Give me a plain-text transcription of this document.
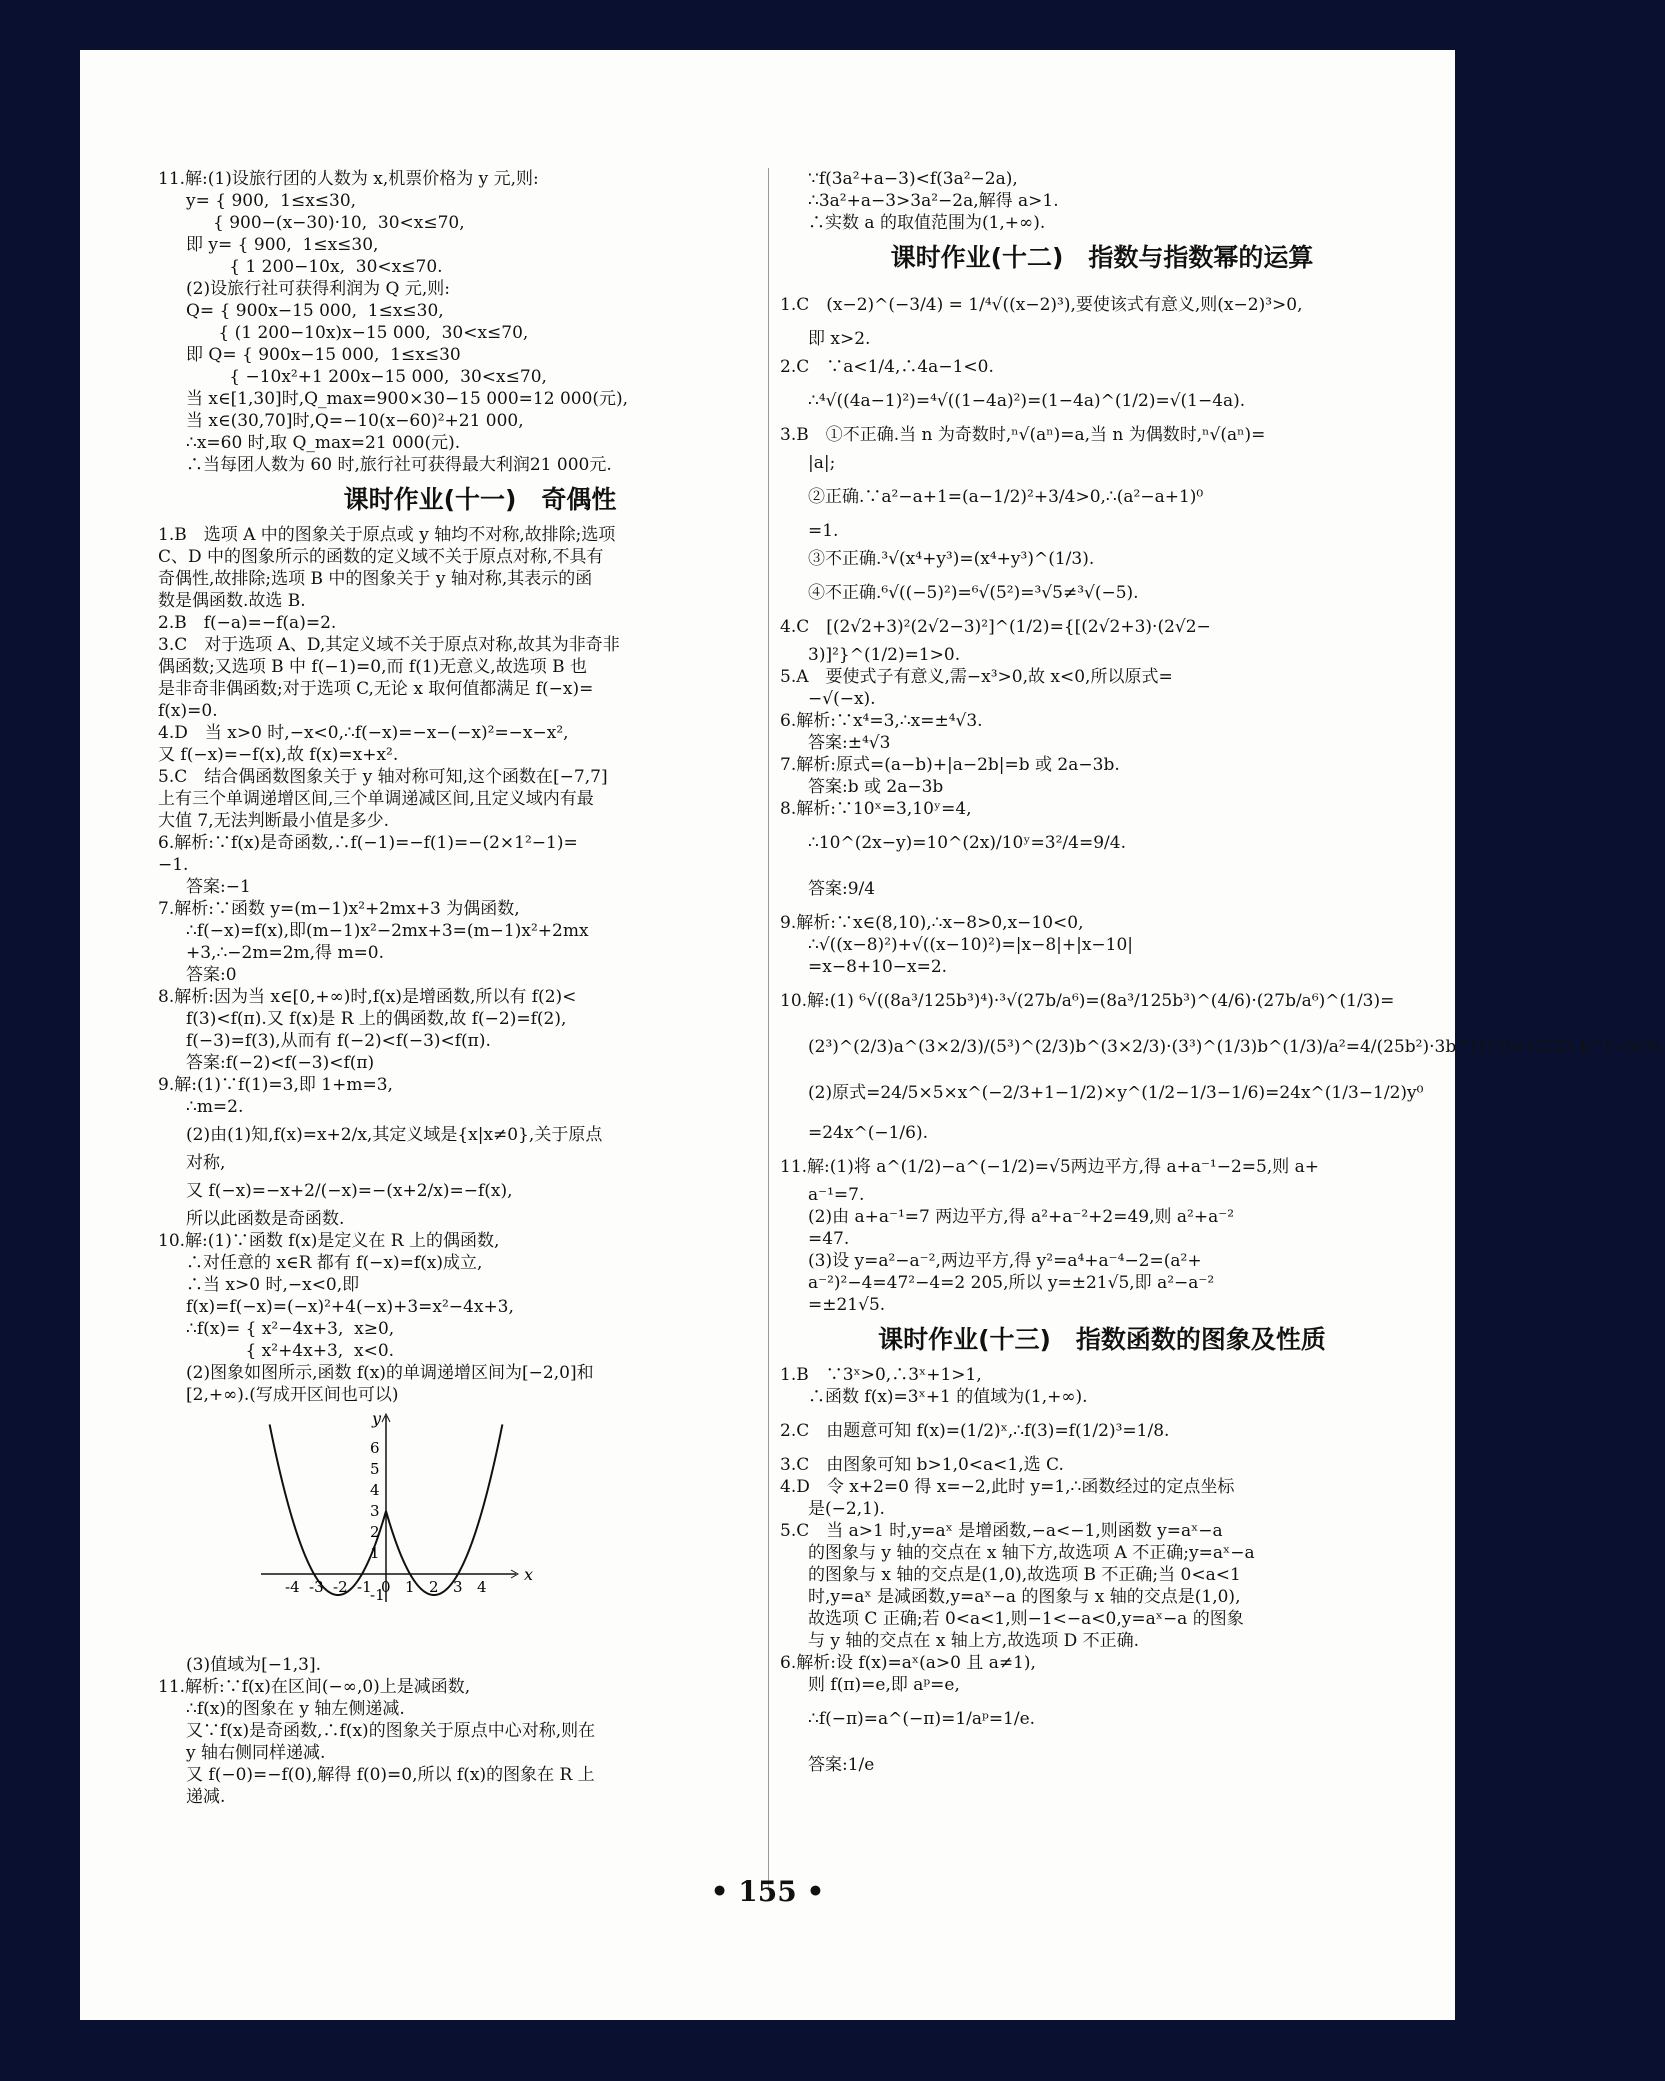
11.解:(1)设旅行团的人数为 x,机票价格为 y 元,则:
y= { 900,  1≤x≤30,
{ 900−(x−30)·10,  30<x≤70,
即 y= { 900,  1≤x≤30,
{ 1 200−10x,  30<x≤70.
(2)设旅行社可获得利润为 Q 元,则:
Q= { 900x−15 000,  1≤x≤30,
{ (1 200−10x)x−15 000,  30<x≤70,
即 Q= { 900x−15 000,  1≤x≤30
{ −10x²+1 200x−15 000,  30<x≤70,
当 x∈[1,30]时,Q_max=900×30−15 000=12 000(元),
当 x∈(30,70]时,Q=−10(x−60)²+21 000,
∴x=60 时,取 Q_max=21 000(元).
∴当每团人数为 60 时,旅行社可获得最大利润21 000元.
课时作业(十一)　奇偶性
1.B　选项 A 中的图象关于原点或 y 轴均不对称,故排除;选项
C、D 中的图象所示的函数的定义域不关于原点对称,不具有
奇偶性,故排除;选项 B 中的图象关于 y 轴对称,其表示的函
数是偶函数.故选 B.
2.B　f(−a)=−f(a)=2.
3.C　对于选项 A、D,其定义域不关于原点对称,故其为非奇非
偶函数;又选项 B 中 f(−1)=0,而 f(1)无意义,故选项 B 也
是非奇非偶函数;对于选项 C,无论 x 取何值都满足 f(−x)=
f(x)=0.
4.D　当 x>0 时,−x<0,∴f(−x)=−x−(−x)²=−x−x²,
又 f(−x)=−f(x),故 f(x)=x+x².
5.C　结合偶函数图象关于 y 轴对称可知,这个函数在[−7,7]
上有三个单调递增区间,三个单调递减区间,且定义域内有最
大值 7,无法判断最小值是多少.
6.解析:∵f(x)是奇函数,∴f(−1)=−f(1)=−(2×1²−1)=
−1.
答案:−1
7.解析:∵函数 y=(m−1)x²+2mx+3 为偶函数,
∴f(−x)=f(x),即(m−1)x²−2mx+3=(m−1)x²+2mx
+3,∴−2m=2m,得 m=0.
答案:0
8.解析:因为当 x∈[0,+∞)时,f(x)是增函数,所以有 f(2)<
f(3)<f(π).又 f(x)是 R 上的偶函数,故 f(−2)=f(2),
f(−3)=f(3),从而有 f(−2)<f(−3)<f(π).
答案:f(−2)<f(−3)<f(π)
9.解:(1)∵f(1)=3,即 1+m=3,
∴m=2.
(2)由(1)知,f(x)=x+2/x,其定义域是{x|x≠0},关于原点
对称,
又 f(−x)=−x+2/(−x)=−(x+2/x)=−f(x),
所以此函数是奇函数.
10.解:(1)∵函数 f(x)是定义在 R 上的偶函数,
∴对任意的 x∈R 都有 f(−x)=f(x)成立,
∴当 x>0 时,−x<0,即
f(x)=f(−x)=(−x)²+4(−x)+3=x²−4x+3,
∴f(x)= { x²−4x+3,  x≥0,
{ x²+4x+3,  x<0.
(2)图象如图所示,函数 f(x)的单调递增区间为[−2,0]和
[2,+∞).(写成开区间也可以)
-4 -3 -2 -1 0 1 2 3 4
-1
1
2
3
4
5
6
x
y
(3)值域为[−1,3].
11.解析:∵f(x)在区间(−∞,0)上是减函数,
∴f(x)的图象在 y 轴左侧递减.
又∵f(x)是奇函数,∴f(x)的图象关于原点中心对称,则在
y 轴右侧同样递减.
又 f(−0)=−f(0),解得 f(0)=0,所以 f(x)的图象在 R 上
递减.
∵f(3a²+a−3)<f(3a²−2a),
∴3a²+a−3>3a²−2a,解得 a>1.
∴实数 a 的取值范围为(1,+∞).
课时作业(十二)　指数与指数幂的运算
1.C　(x−2)^(−3/4) = 1/⁴√((x−2)³),要使该式有意义,则(x−2)³>0,
即 x>2.
2.C　∵a<1/4,∴4a−1<0.
∴⁴√((4a−1)²)=⁴√((1−4a)²)=(1−4a)^(1/2)=√(1−4a).
3.B　①不正确.当 n 为奇数时,ⁿ√(aⁿ)=a,当 n 为偶数时,ⁿ√(aⁿ)=
|a|;
②正确.∵a²−a+1=(a−1/2)²+3/4>0,∴(a²−a+1)⁰
=1.
③不正确.³√(x⁴+y³)=(x⁴+y³)^(1/3).
④不正确.⁶√((−5)²)=⁶√(5²)=³√5≠³√(−5).
4.C　[(2√2+3)²(2√2−3)²]^(1/2)={[(2√2+3)·(2√2−
3)]²}^(1/2)=1>0.
5.A　要使式子有意义,需−x³>0,故 x<0,所以原式=
−√(−x).
6.解析:∵x⁴=3,∴x=±⁴√3.
答案:±⁴√3
7.解析:原式=(a−b)+|a−2b|=b 或 2a−3b.
答案:b 或 2a−3b
8.解析:∵10ˣ=3,10ʸ=4,
∴10^(2x−y)=10^(2x)/10ʸ=3²/4=9/4.
答案:9/4
9.解析:∵x∈(8,10),∴x−8>0,x−10<0,
∴√((x−8)²)+√((x−10)²)=|x−8|+|x−10|
=x−8+10−x=2.
10.解:(1) ⁶√((8a³/125b³)⁴)·³√(27b/a⁶)=(8a³/125b³)^(4/6)·(27b/a⁶)^(1/3)=
(2³)^(2/3)a^(3×2/3)/(5³)^(2/3)b^(3×2/3)·(3³)^(1/3)b^(1/3)/a²=4/(25b²)·3b^(1/3)=12/25 b^(−5/3).
(2)原式=24/5×5×x^(−2/3+1−1/2)×y^(1/2−1/3−1/6)=24x^(1/3−1/2)y⁰
=24x^(−1/6).
11.解:(1)将 a^(1/2)−a^(−1/2)=√5两边平方,得 a+a⁻¹−2=5,则 a+
a⁻¹=7.
(2)由 a+a⁻¹=7 两边平方,得 a²+a⁻²+2=49,则 a²+a⁻²
=47.
(3)设 y=a²−a⁻²,两边平方,得 y²=a⁴+a⁻⁴−2=(a²+
a⁻²)²−4=47²−4=2 205,所以 y=±21√5,即 a²−a⁻²
=±21√5.
课时作业(十三)　指数函数的图象及性质
1.B　∵3ˣ>0,∴3ˣ+1>1,
∴函数 f(x)=3ˣ+1 的值域为(1,+∞).
2.C　由题意可知 f(x)=(1/2)ˣ,∴f(3)=f(1/2)³=1/8.
3.C　由图象可知 b>1,0<a<1,选 C.
4.D　令 x+2=0 得 x=−2,此时 y=1,∴函数经过的定点坐标
是(−2,1).
5.C　当 a>1 时,y=aˣ 是增函数,−a<−1,则函数 y=aˣ−a
的图象与 y 轴的交点在 x 轴下方,故选项 A 不正确;y=aˣ−a
的图象与 x 轴的交点是(1,0),故选项 B 不正确;当 0<a<1
时,y=aˣ 是减函数,y=aˣ−a 的图象与 x 轴的交点是(1,0),
故选项 C 正确;若 0<a<1,则−1<−a<0,y=aˣ−a 的图象
与 y 轴的交点在 x 轴上方,故选项 D 不正确.
6.解析:设 f(x)=aˣ(a>0 且 a≠1),
则 f(π)=e,即 aᵖ=e,
∴f(−π)=a^(−π)=1/aᵖ=1/e.
答案:1/e
• 155 •
